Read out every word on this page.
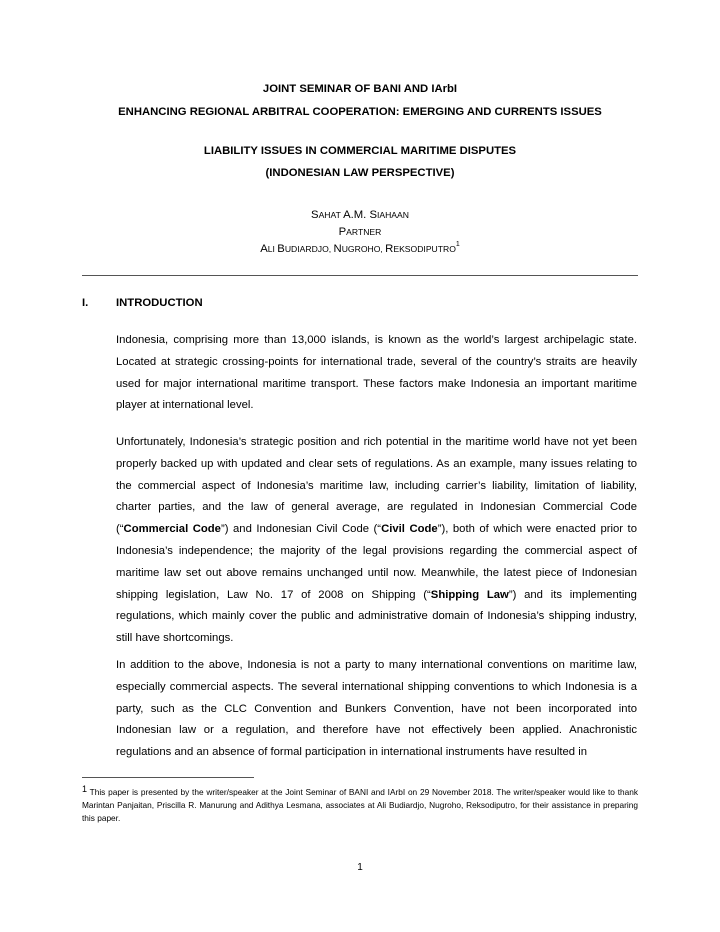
JOINT SEMINAR OF BANI AND IArbI
ENHANCING REGIONAL ARBITRAL COOPERATION: EMERGING AND CURRENTS ISSUES
LIABILITY ISSUES IN COMMERCIAL MARITIME DISPUTES
(INDONESIAN LAW PERSPECTIVE)
SAHAT A.M. SIAHAAN
PARTNER
ALI BUDIARDJO, NUGROHO, REKSODIPUTRO$^1$
I. INTRODUCTION

Indonesia, comprising more than 13,000 islands, is known as the world’s largest archipelagic state. Located at strategic crossing-points for international trade, several of the country’s straits are heavily used for major international maritime transport. These factors make Indonesia an important maritime player at international level.

Unfortunately, Indonesia’s strategic position and rich potential in the maritime world have not yet been properly backed up with updated and clear sets of regulations. As an example, many issues relating to the commercial aspect of Indonesia’s maritime law, including carrier’s liability, limitation of liability, charter parties, and the law of general average, are regulated in Indonesian Commercial Code (“Commercial Code”) and Indonesian Civil Code (“Civil Code”), both of which were enacted prior to Indonesia’s independence; the majority of the legal provisions regarding the commercial aspect of maritime law set out above remains unchanged until now. Meanwhile, the latest piece of Indonesian shipping legislation, Law No. 17 of 2008 on Shipping (“Shipping Law”) and its implementing regulations, which mainly cover the public and administrative domain of Indonesia’s shipping industry, still have shortcomings.

In addition to the above, Indonesia is not a party to many international conventions on maritime law, especially commercial aspects. The several international shipping conventions to which Indonesia is a party, such as the CLC Convention and Bunkers Convention, have not been incorporated into Indonesian law or a regulation, and therefore have not effectively been applied. Anachronistic regulations and an absence of formal participation in international instruments have resulted in

$^1$ This paper is presented by the writer/speaker at the Joint Seminar of BANI and IArbI on 29 November 2018. The writer/speaker would like to thank Marintan Panjaitan, Priscilla R. Manurung and Adithya Lesmana, associates at Ali Budiardjo, Nugroho, Reksodiputro, for their assistance in preparing this paper.

1
